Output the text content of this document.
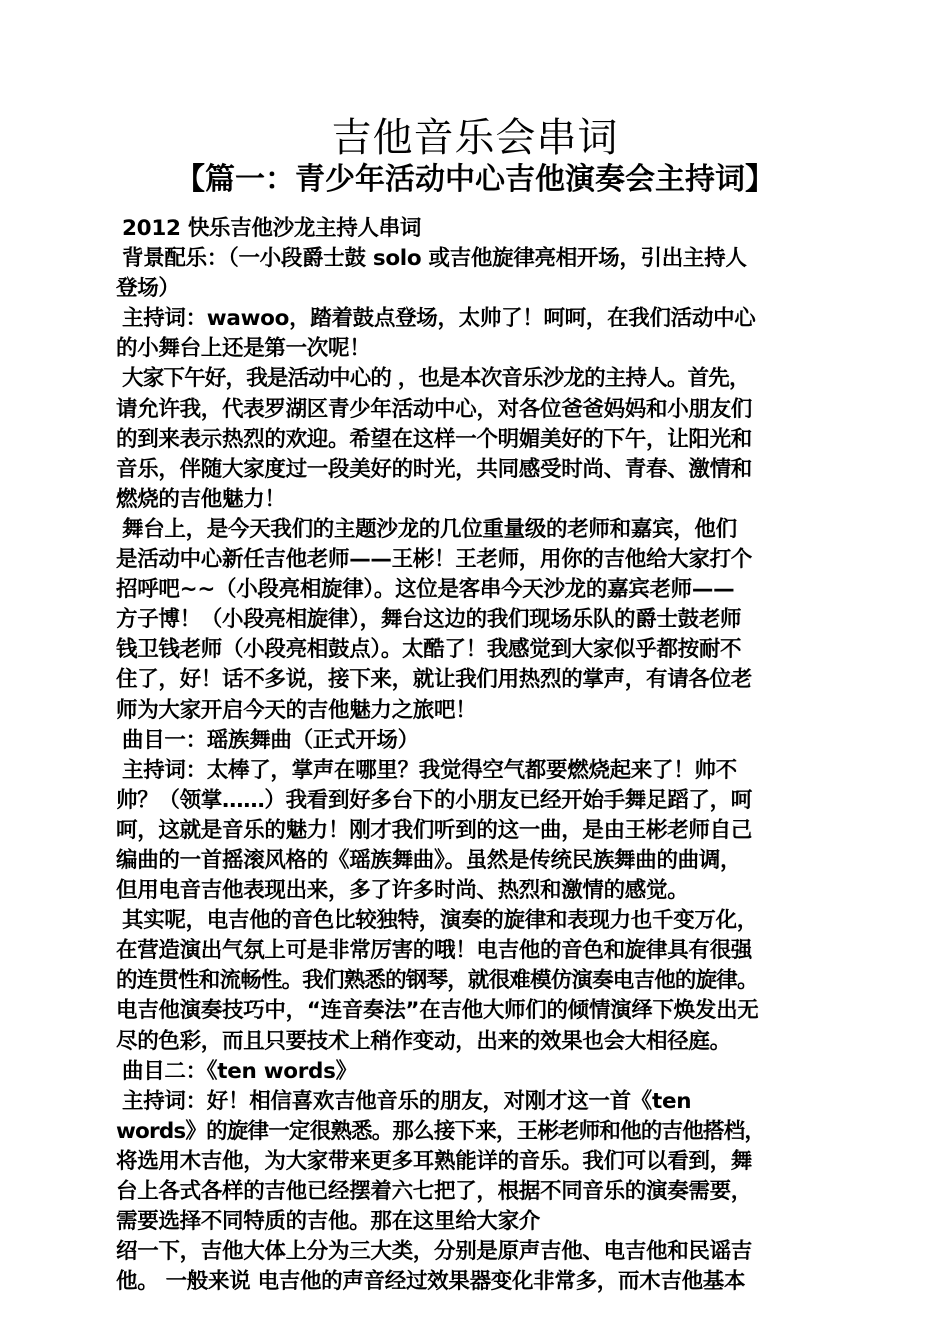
吉他音乐会串词
【篇一：青少年活动中心吉他演奏会主持词】
2012 快乐吉他沙龙主持人串词
背景配乐：（一小段爵士鼓 solo 或吉他旋律亮相开场，引出主持人
登场）
主持词：wawoo，踏着鼓点登场，太帅了！呵呵，在我们活动中心
的小舞台上还是第一次呢！
大家下午好，我是活动中心的 ，也是本次音乐沙龙的主持人。首先，
请允许我，代表罗湖区青少年活动中心，对各位爸爸妈妈和小朋友们
的到来表示热烈的欢迎。希望在这样一个明媚美好的下午，让阳光和
音乐，伴随大家度过一段美好的时光，共同感受时尚、青春、激情和
燃烧的吉他魅力！
舞台上，是今天我们的主题沙龙的几位重量级的老师和嘉宾，他们
是活动中心新任吉他老师——王彬！王老师，用你的吉他给大家打个
招呼吧~~（小段亮相旋律）。这位是客串今天沙龙的嘉宾老师——
方子博！（小段亮相旋律），舞台这边的我们现场乐队的爵士鼓老师
钱卫钱老师（小段亮相鼓点）。太酷了！我感觉到大家似乎都按耐不
住了，好！话不多说，接下来，就让我们用热烈的掌声，有请各位老
师为大家开启今天的吉他魅力之旅吧！
曲目一：瑶族舞曲（正式开场）
主持词：太棒了，掌声在哪里？我觉得空气都要燃烧起来了！帅不
帅？（领掌……）我看到好多台下的小朋友已经开始手舞足蹈了，呵
呵，这就是音乐的魅力！刚才我们听到的这一曲，是由王彬老师自己
编曲的一首摇滚风格的《瑶族舞曲》。虽然是传统民族舞曲的曲调，
但用电音吉他表现出来，多了许多时尚、热烈和激情的感觉。
其实呢，电吉他的音色比较独特，演奏的旋律和表现力也千变万化，
在营造演出气氛上可是非常厉害的哦！电吉他的音色和旋律具有很强
的连贯性和流畅性。我们熟悉的钢琴，就很难模仿演奏电吉他的旋律。
电吉他演奏技巧中，“连音奏法”在吉他大师们的倾情演绎下焕发出无
尽的色彩，而且只要技术上稍作变动，出来的效果也会大相径庭。
曲目二：《ten words》
主持词：好！相信喜欢吉他音乐的朋友，对刚才这一首《ten
words》的旋律一定很熟悉。那么接下来，王彬老师和他的吉他搭档，
将选用木吉他，为大家带来更多耳熟能详的音乐。我们可以看到，舞
台上各式各样的吉他已经摆着六七把了，根据不同音乐的演奏需要，
需要选择不同特质的吉他。那在这里给大家介
绍一下，吉他大体上分为三大类，分别是原声吉他、电吉他和民谣吉
他。 一般来说 电吉他的声音经过效果器变化非常多，而木吉他基本
